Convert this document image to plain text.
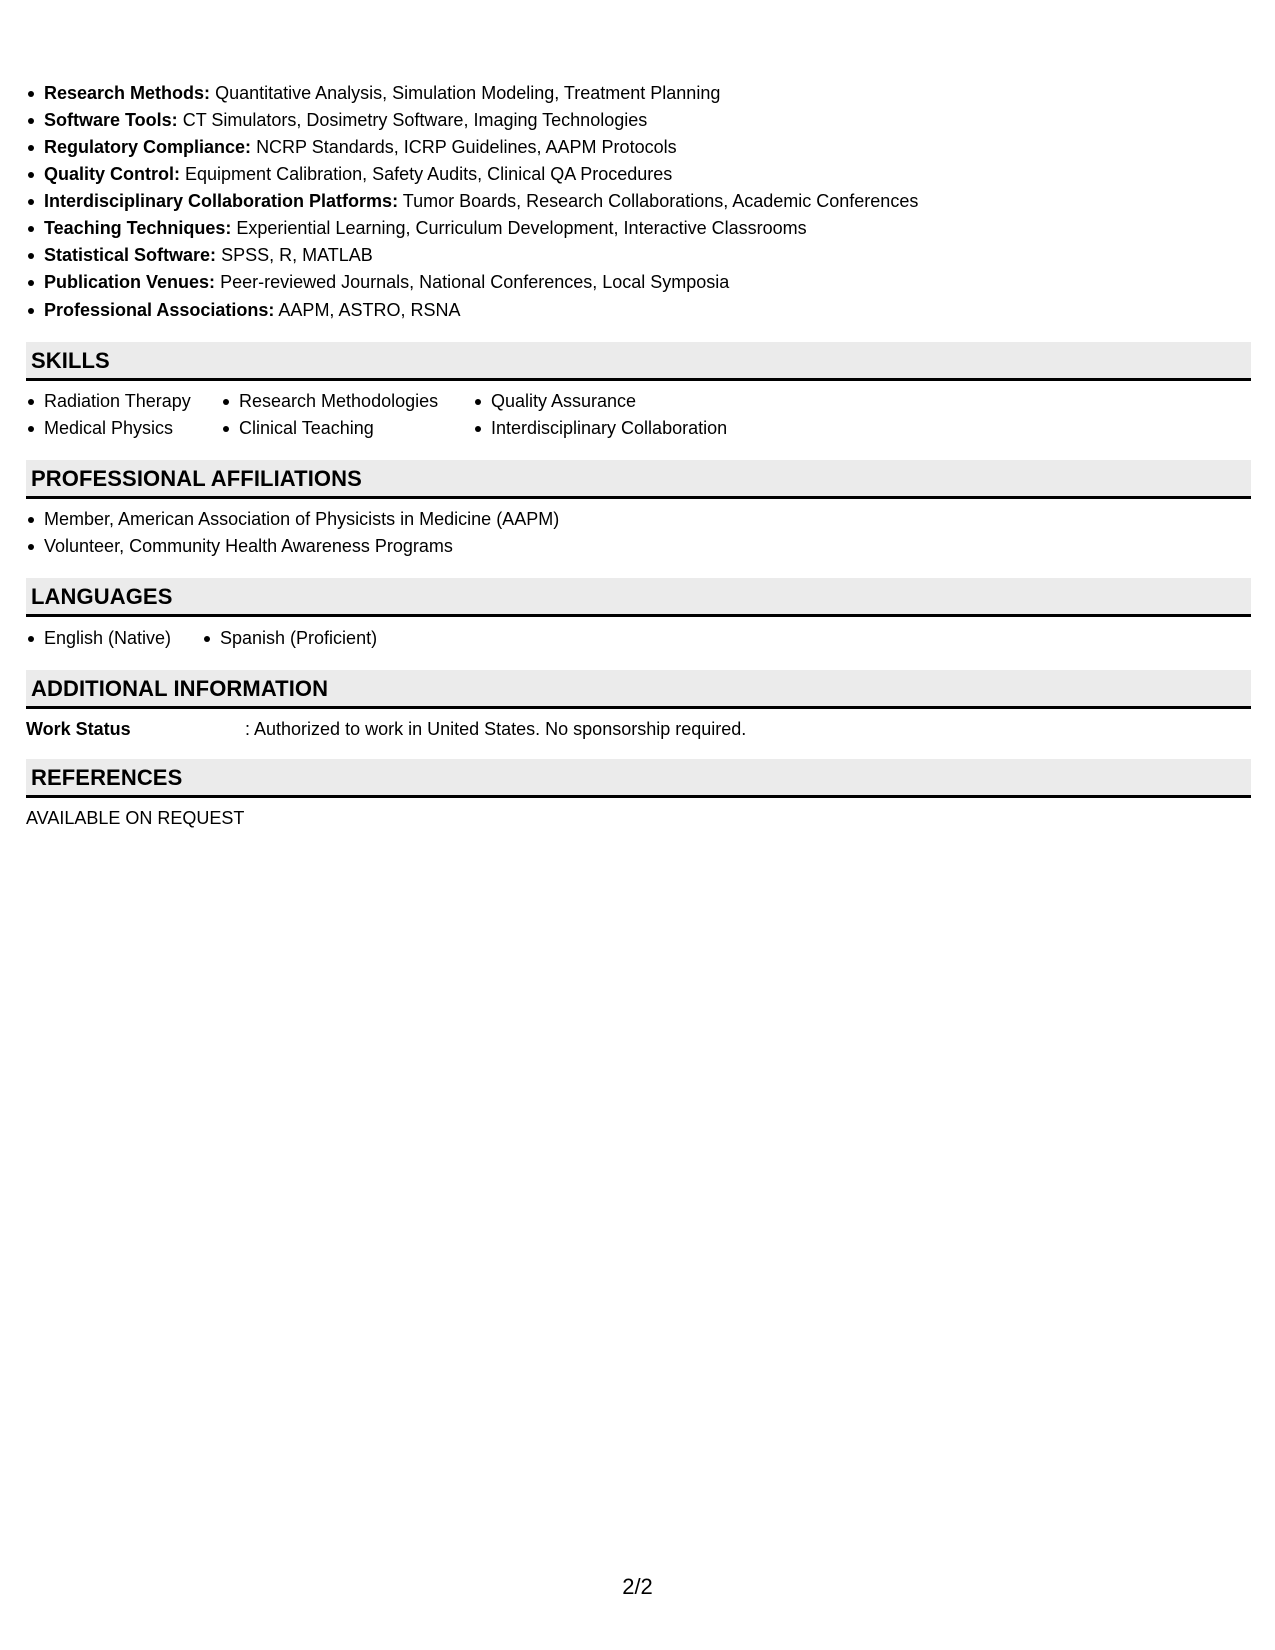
Research Methods: Quantitative Analysis, Simulation Modeling, Treatment Planning
Software Tools: CT Simulators, Dosimetry Software, Imaging Technologies
Regulatory Compliance: NCRP Standards, ICRP Guidelines, AAPM Protocols
Quality Control: Equipment Calibration, Safety Audits, Clinical QA Procedures
Interdisciplinary Collaboration Platforms: Tumor Boards, Research Collaborations, Academic Conferences
Teaching Techniques: Experiential Learning, Curriculum Development, Interactive Classrooms
Statistical Software: SPSS, R, MATLAB
Publication Venues: Peer-reviewed Journals, National Conferences, Local Symposia
Professional Associations: AAPM, ASTRO, RSNA
SKILLS
Radiation Therapy
Medical Physics
Research Methodologies
Clinical Teaching
Quality Assurance
Interdisciplinary Collaboration
PROFESSIONAL AFFILIATIONS
Member, American Association of Physicists in Medicine (AAPM)
Volunteer, Community Health Awareness Programs
LANGUAGES
English (Native)	Spanish (Proficient)
ADDITIONAL INFORMATION
Work Status	: Authorized to work in United States. No sponsorship required.
REFERENCES
AVAILABLE ON REQUEST
2/2
